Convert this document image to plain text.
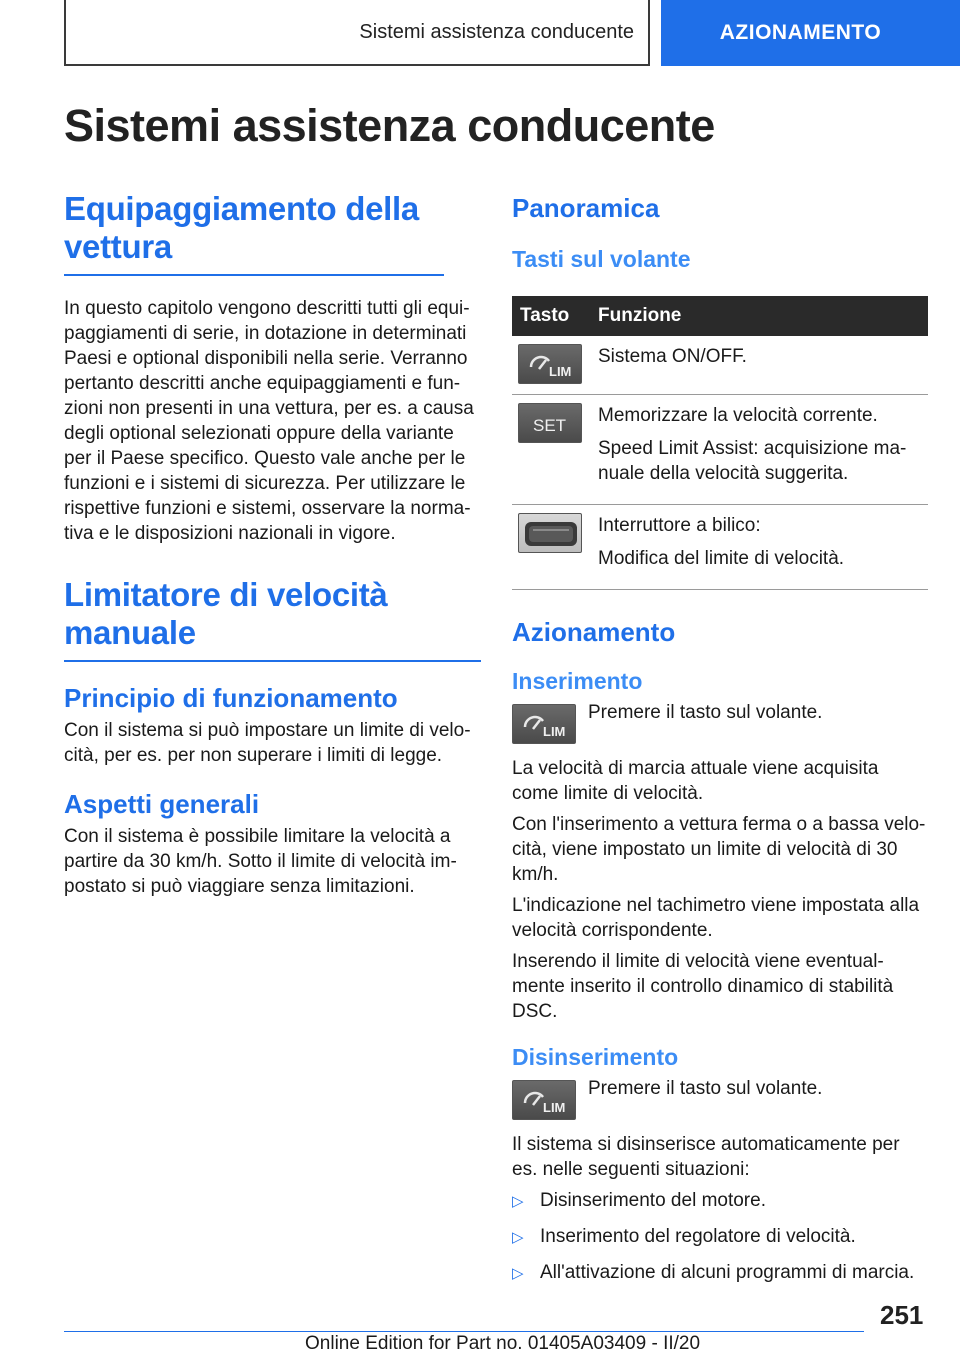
Sistemi assistenza conducente	AZIONAMENTO
Sistemi assistenza conducente
Equipaggiamento della vettura

In questo capitolo vengono descritti tutti gli equi-paggiamenti di serie, in dotazione in determinati Paesi e optional disponibili nella serie. Verranno pertanto descritti anche equipaggiamenti e fun-zioni non presenti in una vettura, per es. a causa degli optional selezionati oppure della variante per il Paese specifico. Questo vale anche per le funzioni e i sistemi di sicurezza. Per utilizzare le rispettive funzioni e sistemi, osservare la norma-tiva e le disposizioni nazionali in vigore.

Limitatore di velocità manuale
Principio di funzionamento

Con il sistema si può impostare un limite di velo-cità, per es. per non superare i limiti di legge.

Aspetti generali

Con il sistema è possibile limitare la velocità a partire da 30 km/h. Sotto il limite di velocità im-postato si può viaggiare senza limitazioni.

Panoramica
Tasti sul volante
Tasto	Funzione

LIM	Sistema ON/OFF.

SET	Memorizzare la velocità corrente.

Speed Limit Assist: acquisizione ma-nuale della velocità suggerita.

Interruttore a bilico:

Modifica del limite di velocità.

Azionamento
Inserimento
LIM

Premere il tasto sul volante.

La velocità di marcia attuale viene acquisita come limite di velocità.

Con l'inserimento a vettura ferma o a bassa velo-cità, viene impostato un limite di velocità di 30 km/h.

L'indicazione nel tachimetro viene impostata alla velocità corrispondente.

Inserendo il limite di velocità viene eventual-mente inserito il controllo dinamico di stabilità DSC.

Disinserimento
LIM

Premere il tasto sul volante.

Il sistema si disinserisce automaticamente per es. nelle seguenti situazioni:

▷ Disinserimento del motore.
▷ Inserimento del regolatore di velocità.
▷ All'attivazione di alcuni programmi di marcia.
251
Online Edition for Part no. 01405A03409 - II/20
